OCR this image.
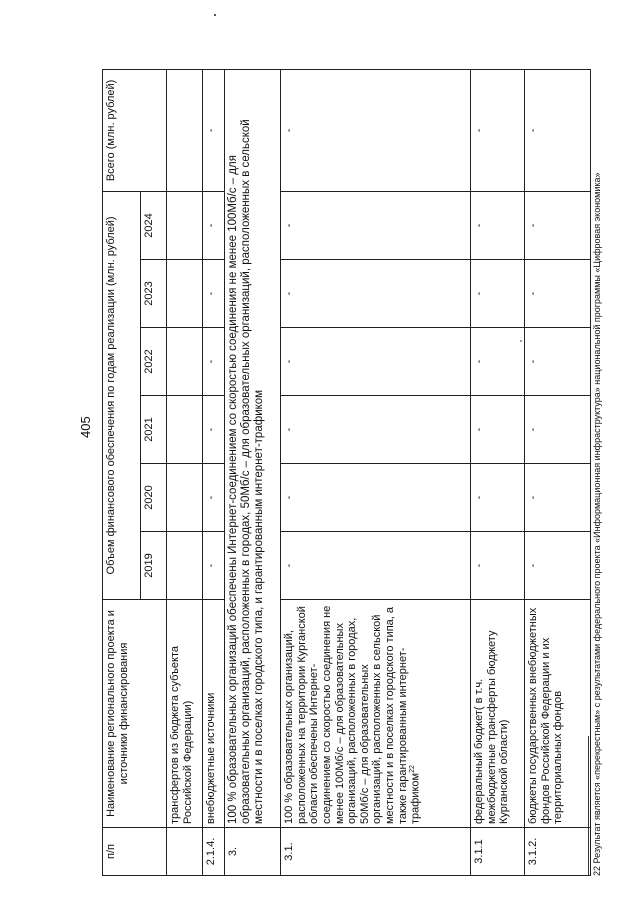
405
п/п	Наименование регионального проекта и источники финансирования	Объем финансового обеспечения по годам реализации (млн. рублей)						Всего (млн. рублей)
		2019	2020	2021	2022	2023	2024	
	трансфертов из бюджета субъекта Российской Федерации)							
2.1.4.	внебюджетные источники	-	-	-	-	-	-	-
3.	100 % образовательных организаций обеспечены Интернет-соединением со скоростью соединения не менее 100Мб/с – для образовательных организаций, расположенных в городах, 50Мб/с – для образовательных организаций, расположенных в сельской местности и в поселках городского типа, и гарантированным интернет-трафиком							
3.1.	100 % образовательных организаций, расположенных на территории Курганской области обеспечены Интернет-соединением со скоростью соединения не менее 100Мб/с – для образовательных организаций, расположенных в городах, 50Мб/с – для образовательных организаций, расположенных в сельской местности и в поселках городского типа, а также гарантированным интернет-трафиком$^{22}$	-	-	-	-	-	-	-
3.1.1	федеральный бюджет( в т.ч. межбюджетные трансферты бюджету Курганской области)	-	-	-	-	-	-	-
3.1.2.	бюджеты государственных внебюджетных фондов Российской Федерации и их территориальных фондов	-	-	-	-	-	-	-
22 Результат является «перекрестным» с результатами федерального проекта «Информационная инфраструктура» национальной программы «Цифровая экономика»
